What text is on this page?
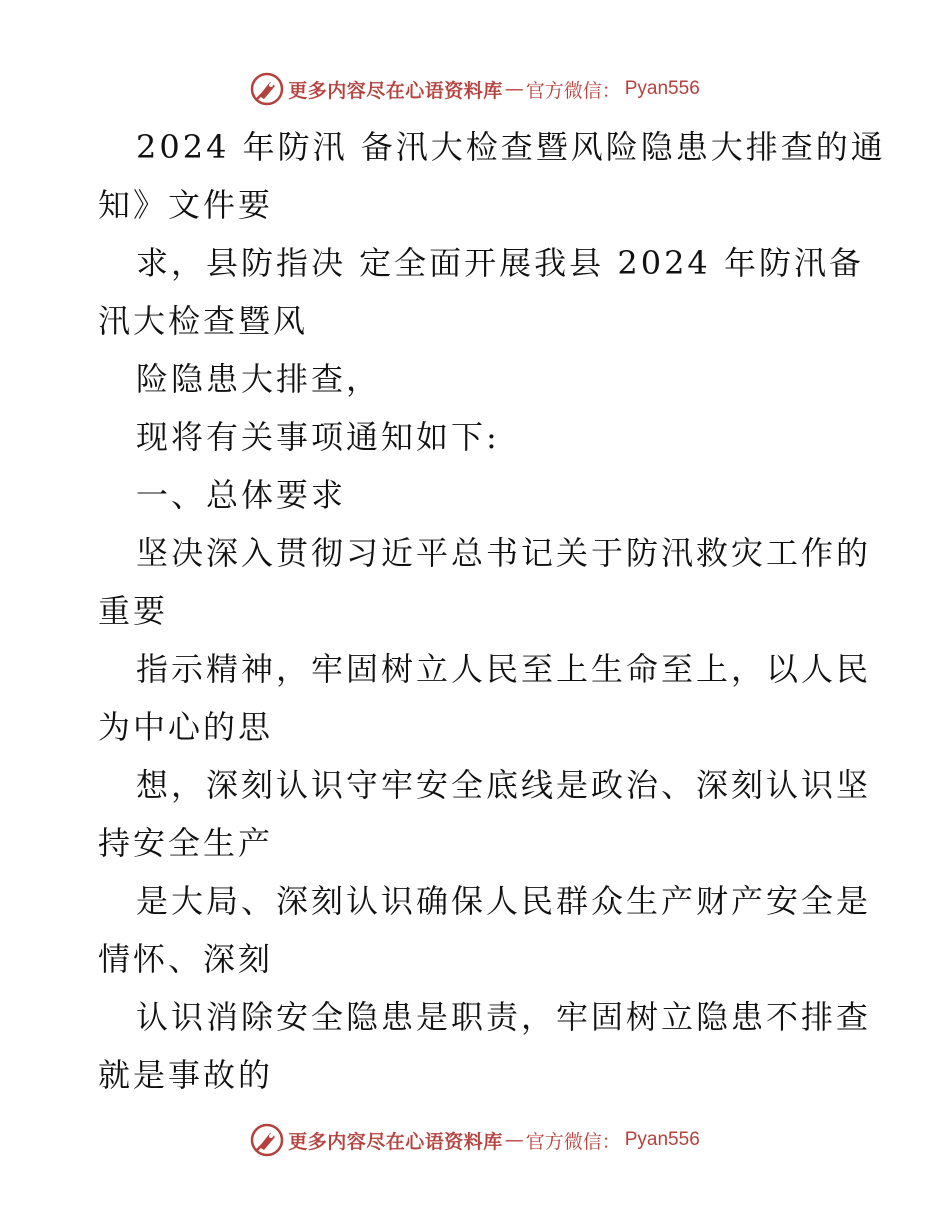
更多内容尽在心语资料库 — 官方微信： Pyan556
2024 年防汛 备汛大检查暨风险隐患大排查的通
知》文件要
求，县防指决 定全面开展我县 2024 年防汛备
汛大检查暨风
险隐患大排查，
现将有关事项通知如下:
一、总体要求
坚决深入贯彻习近平总书记关于防汛救灾工作的
重要
指示精神，牢固树立人民至上生命至上，以人民
为中心的思
想，深刻认识守牢安全底线是政治、深刻认识坚
持安全生产
是大局、深刻认识确保人民群众生产财产安全是
情怀、深刻
认识消除安全隐患是职责，牢固树立隐患不排查
就是事故的
更多内容尽在心语资料库 — 官方微信： Pyan556
